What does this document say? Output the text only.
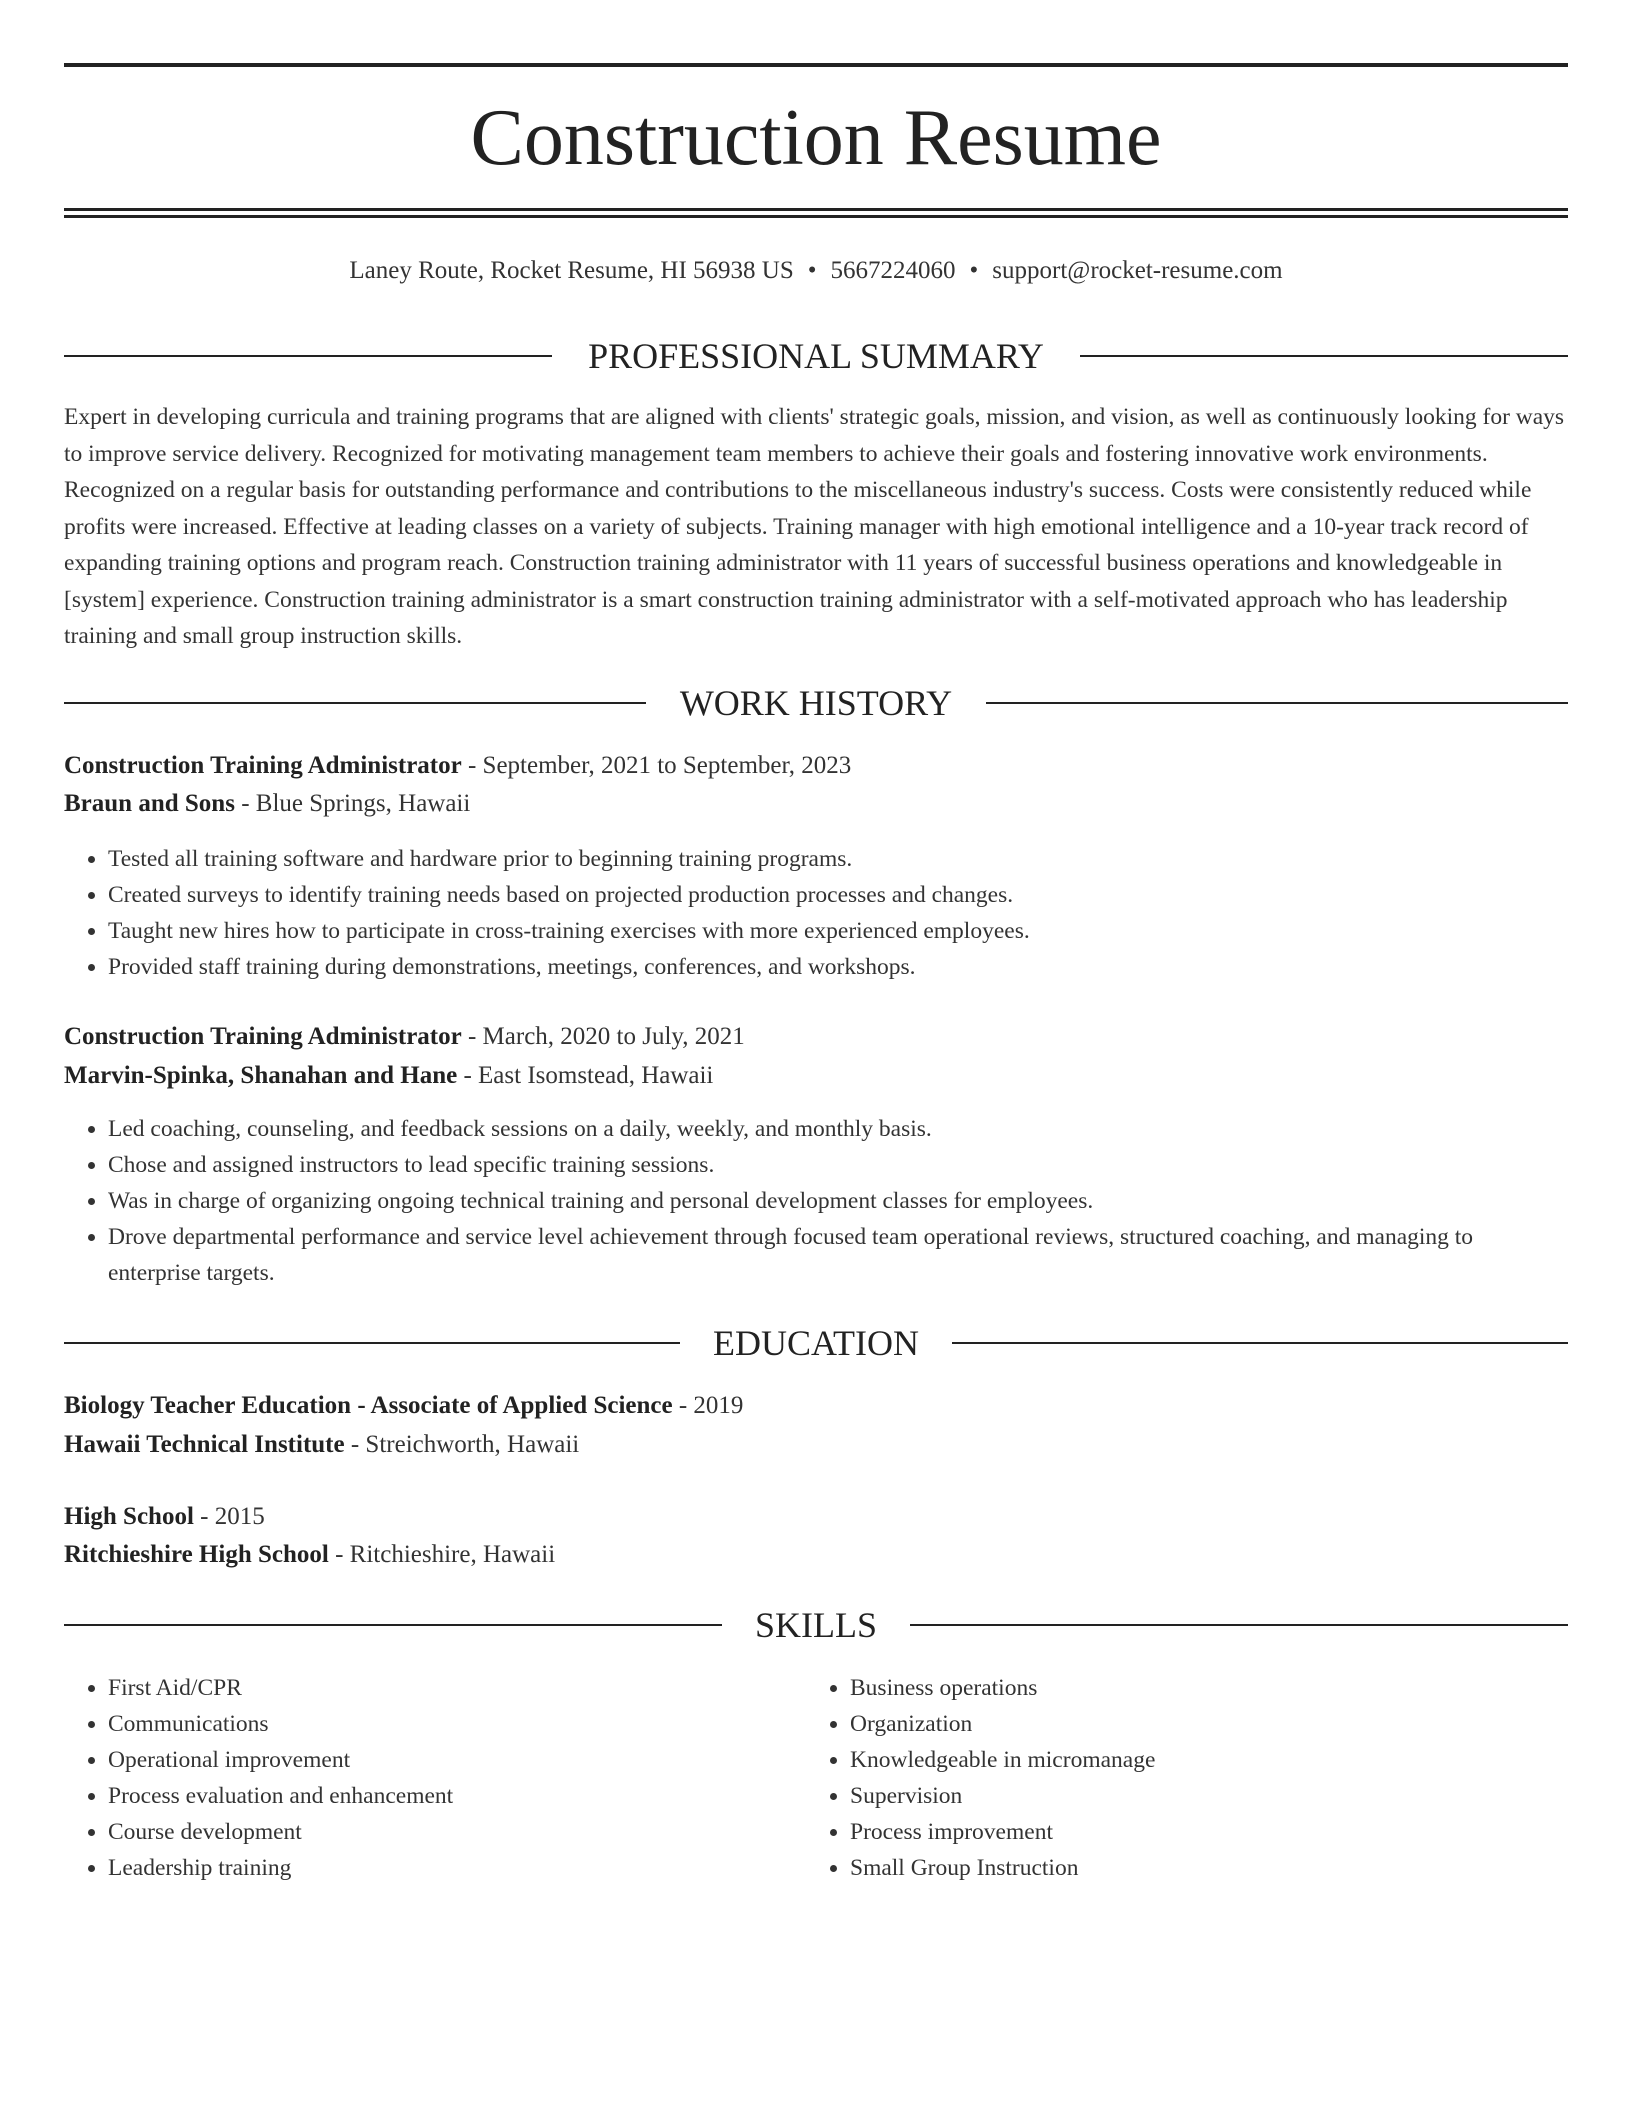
Construction Resume
Laney Route, Rocket Resume, HI 56938 US • 5667224060 • support@rocket-resume.com
PROFESSIONAL SUMMARY
Expert in developing curricula and training programs that are aligned with clients' strategic goals, mission, and vision, as well as continuously looking for ways to improve service delivery. Recognized for motivating management team members to achieve their goals and fostering innovative work environments. Recognized on a regular basis for outstanding performance and contributions to the miscellaneous industry's success. Costs were consistently reduced while profits were increased. Effective at leading classes on a variety of subjects. Training manager with high emotional intelligence and a 10-year track record of expanding training options and program reach. Construction training administrator with 11 years of successful business operations and knowledgeable in [system] experience. Construction training administrator is a smart construction training administrator with a self-motivated approach who has leadership training and small group instruction skills.
WORK HISTORY
Construction Training Administrator - September, 2021 to September, 2023
Braun and Sons - Blue Springs, Hawaii
• Tested all training software and hardware prior to beginning training programs.
• Created surveys to identify training needs based on projected production processes and changes.
• Taught new hires how to participate in cross-training exercises with more experienced employees.
• Provided staff training during demonstrations, meetings, conferences, and workshops.
Construction Training Administrator - March, 2020 to July, 2021
Marvin-Spinka, Shanahan and Hane - East Isomstead, Hawaii
• Led coaching, counseling, and feedback sessions on a daily, weekly, and monthly basis.
• Chose and assigned instructors to lead specific training sessions.
• Was in charge of organizing ongoing technical training and personal development classes for employees.
• Drove departmental performance and service level achievement through focused team operational reviews, structured coaching, and managing to enterprise targets.
EDUCATION
Biology Teacher Education - Associate of Applied Science - 2019
Hawaii Technical Institute - Streichworth, Hawaii
High School - 2015
Ritchieshire High School - Ritchieshire, Hawaii
SKILLS
• First Aid/CPR
• Communications
• Operational improvement
• Process evaluation and enhancement
• Course development
• Leadership training
• Business operations
• Organization
• Knowledgeable in micromanage
• Supervision
• Process improvement
• Small Group Instruction
